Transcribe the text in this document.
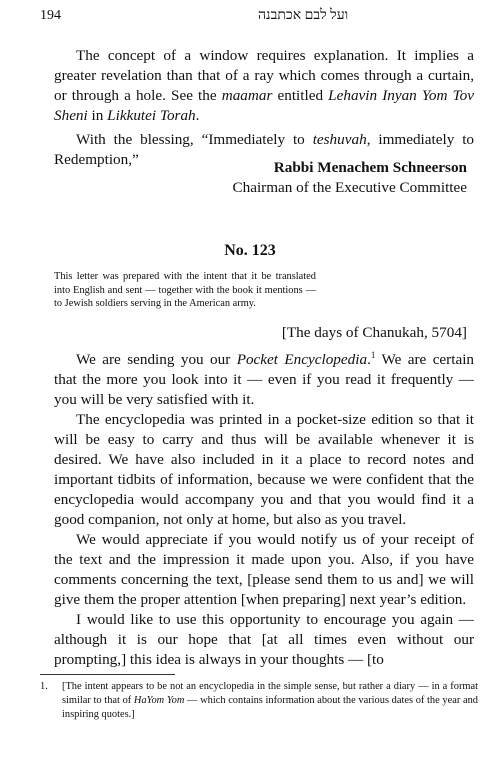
194	ועל לבם אכתבנה

The concept of a window requires explanation. It implies a greater revelation than that of a ray which comes through a curtain, or through a hole. See the maamar entitled Lehavin Inyan Yom Tov Sheni in Likkutei Torah.

With the blessing, “Immediately to teshuvah, immediately to Redemption,”	Rabbi Menachem Schneerson
Chairman of the Executive Committee
No. 123
This letter was prepared with the intent that it be translated into English and sent — together with the book it mentions — to Jewish soldiers serving in the American army.
[The days of Chanukah, 5704]

We are sending you our Pocket Encyclopedia.$^1$ We are certain that the more you look into it — even if you read it frequently — you will be very satisfied with it.

The encyclopedia was printed in a pocket-size edition so that it will be easy to carry and thus will be available whenever it is desired. We have also included in it a place to record notes and important tidbits of information, because we were confident that the encyclopedia would accompany you and that you would find it a good companion, not only at home, but also as you travel.

We would appreciate if you would notify us of your receipt of the text and the impression it made upon you. Also, if you have comments concerning the text, [please send them to us and] we will give them the proper attention [when preparing] next year’s edition.

I would like to use this opportunity to encourage you again — although it is our hope that [at all times even without our prompting,] this idea is always in your thoughts — [to

1. [The intent appears to be not an encyclopedia in the simple sense, but rather a diary — in a format similar to that of HaYom Yom — which contains information about the various dates of the year and inspiring quotes.]
